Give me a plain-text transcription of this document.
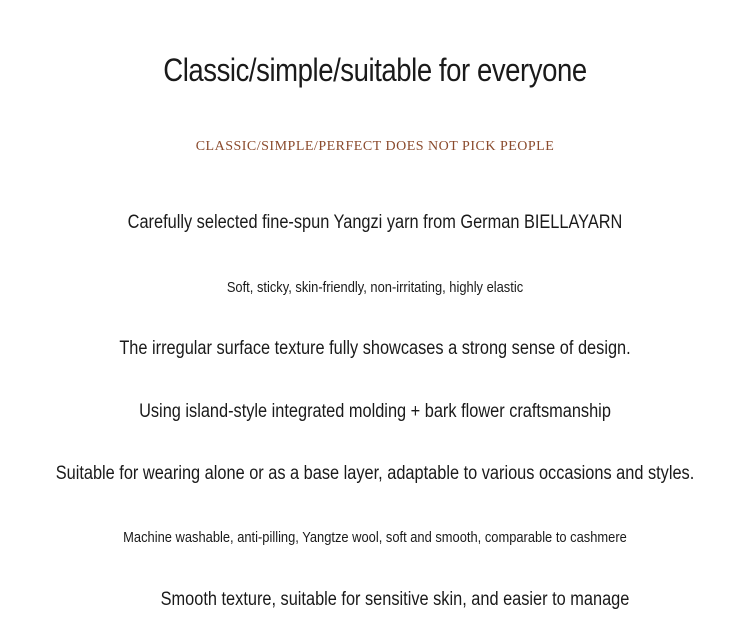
Classic/simple/suitable for everyone
CLASSIC/SIMPLE/PERFECT DOES NOT PICK PEOPLE
Carefully selected fine-spun Yangzi yarn from German BIELLAYARN
Soft, sticky, skin-friendly, non-irritating, highly elastic
The irregular surface texture fully showcases a strong sense of design.
Using island-style integrated molding + bark flower craftsmanship
Suitable for wearing alone or as a base layer, adaptable to various occasions and styles.
Machine washable, anti-pilling, Yangtze wool, soft and smooth, comparable to cashmere
Smooth texture, suitable for sensitive skin, and easier to manage
